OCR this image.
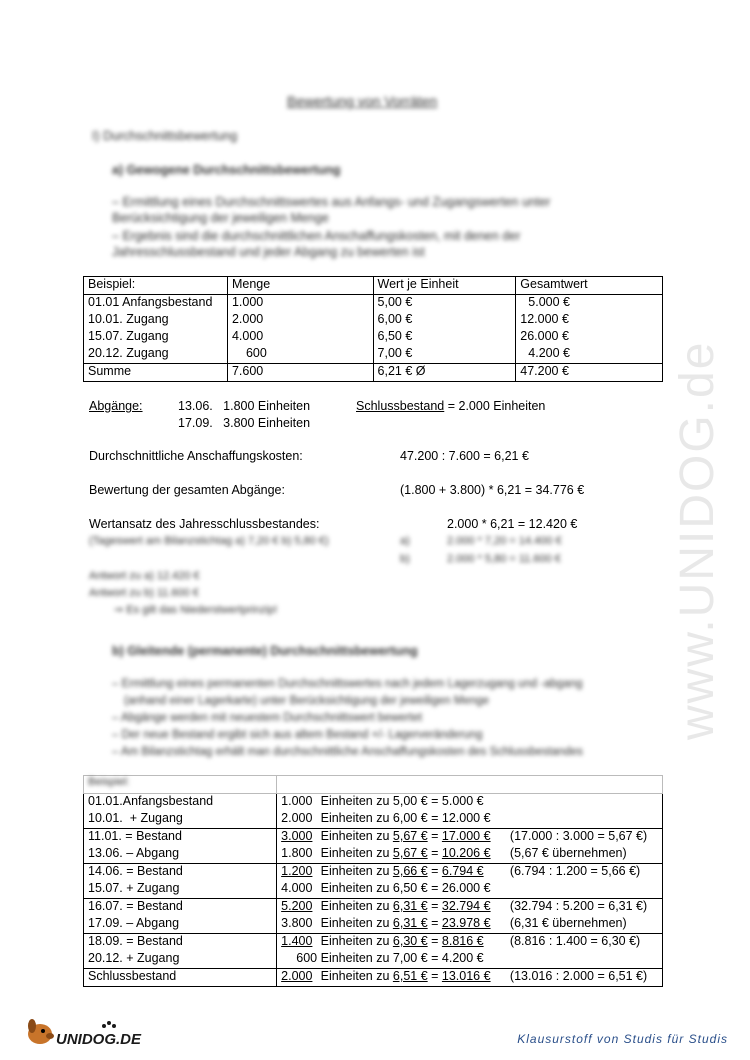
Bewertung von Vorräten
I) Durchschnittsbewertung
a) Gewogene Durchschnittsbewertung
– Ermittlung eines Durchschnittswertes aus Anfangs- und Zugangswerten unter Berücksichtigung der jeweiligen Menge
– Ergebnis sind die durchschnittlichen Anschaffungskosten, mit denen der Jahresschlussbestand und jeder Abgang zu bewerten ist
Beispiel:	Menge	Wert je Einheit	Gesamtwert
01.01 Anfangsbestand	1.000	5,00 €	5.000 €
10.01. Zugang	2.000	6,00 €	12.000 €
15.07. Zugang	4.000	6,50 €	26.000 €
20.12. Zugang	600	7,00 €	4.200 €
Summe	7.600	6,21 € Ø	47.200 €
Abgänge:	13.06.   1.800 Einheiten
17.09.   3.800 Einheiten
Schlussbestand = 2.000 Einheiten
Durchschnittliche Anschaffungskosten:	47.200 : 7.600 = 6,21 €
Bewertung der gesamten Abgänge:	(1.800 + 3.800) * 6,21 = 34.776 €
Wertansatz des Jahresschlussbestandes:	2.000 * 6,21 = 12.420 €
(Tageswert am Bilanzstichtag a) 7,20 € b) 5,80 €)	a)	2.000 * 7,20 = 14.400 €
b)	2.000 * 5,80 = 11.600 €
Antwort zu a) 12.420 €
Antwort zu b) 11.600 €
⇒ Es gilt das Niederstwertprinzip!
b) Gleitende (permanente) Durchschnittsbewertung
– Ermittlung eines permanenten Durchschnittswertes nach jedem Lagerzugang und -abgang
(anhand einer Lagerkarte) unter Berücksichtigung der jeweiligen Menge
– Abgänge werden mit neuestem Durchschnittswert bewertet
– Der neue Bestand ergibt sich aus altem Bestand +/- Lagerveränderung
– Am Bilanzstichtag erhält man durchschnittliche Anschaffungskosten des Schlussbestandes
Beispiel:	
01.01.Anfangsbestand	1.000 Einheiten zu 5,00 € = 5.000 €
10.01.  + Zugang	2.000 Einheiten zu 6,00 € = 12.000 €
11.01. = Bestand	3.000 Einheiten zu 5,67 € = 17.000 € (17.000 : 3.000 = 5,67 €)
13.06. – Abgang	1.800 Einheiten zu 5,67 € = 10.206 € (5,67 € übernehmen)
14.06. = Bestand	1.200 Einheiten zu 5,66 € = 6.794 € (6.794 : 1.200 = 5,66 €)
15.07. + Zugang	4.000 Einheiten zu 6,50 € = 26.000 €
16.07. = Bestand	5.200 Einheiten zu 6,31 € = 32.794 € (32.794 : 5.200 = 6,31 €)
17.09. – Abgang	3.800 Einheiten zu 6,31 € = 23.978 € (6,31 € übernehmen)
18.09. = Bestand	1.400 Einheiten zu 6,30 € = 8.816 € (8.816 : 1.400 = 6,30 €)
20.12. + Zugang	600 Einheiten zu 7,00 € = 4.200 €
Schlussbestand	2.000 Einheiten zu 6,51 € = 13.016 € (13.016 : 2.000 = 6,51 €)
www.UNIDOG.de
UNIDOG.DE	Klausurstoff von Studis für Studis
